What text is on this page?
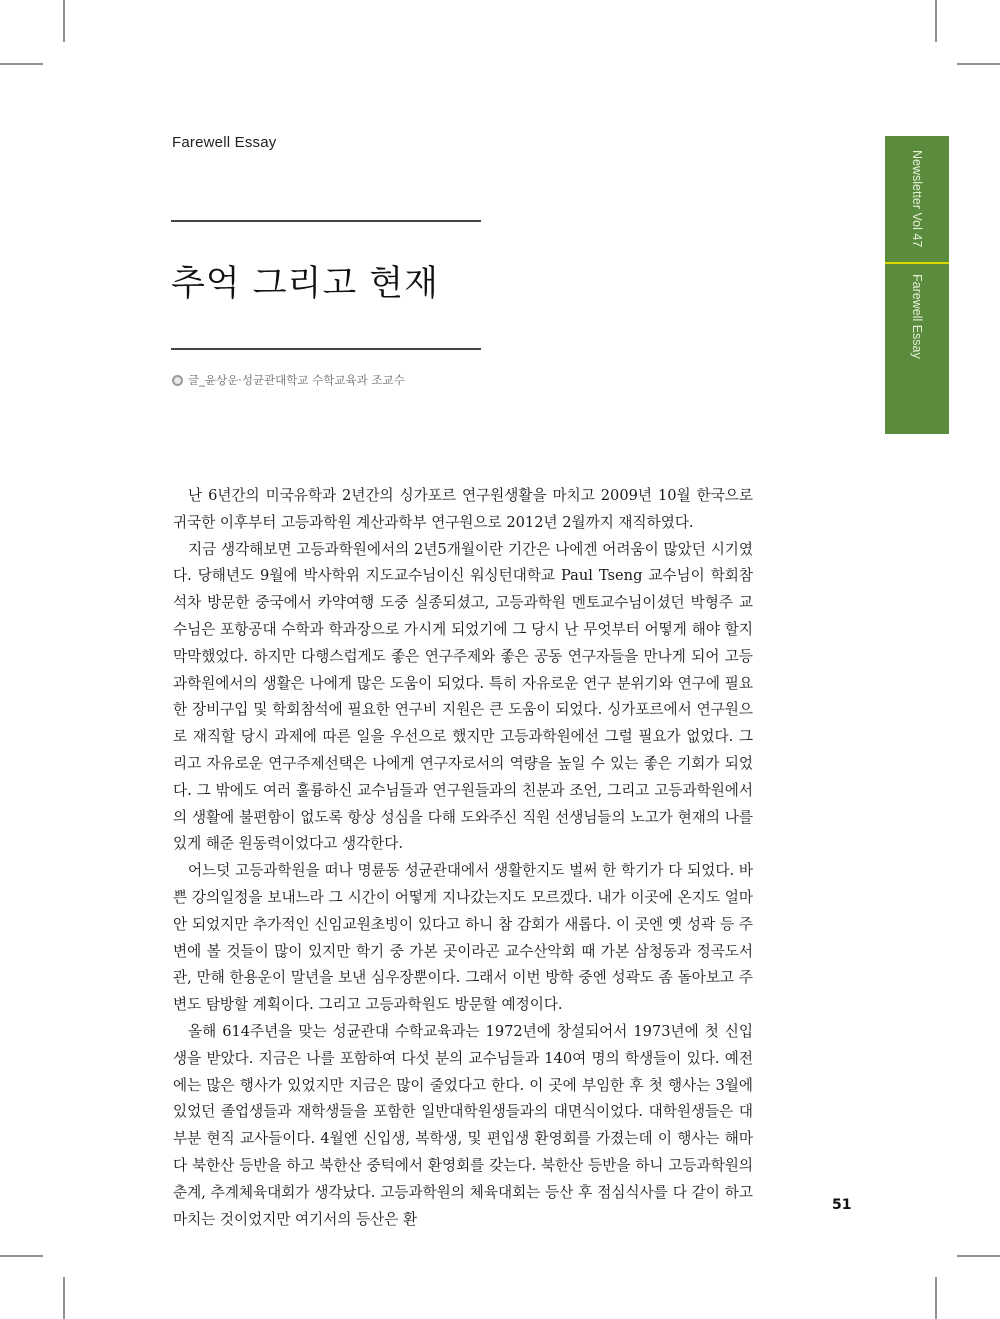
Farewell Essay
추억 그리고 현재
글_윤상운·성균관대학교 수학교육과 조교수
Newsletter Vol 47
Farewell Essay

난 6년간의 미국유학과 2년간의 싱가포르 연구원생활을 마치고 2009년 10월 한국으로 귀국한 이후부터 고등과학원 계산과학부 연구원으로 2012년 2월까지 재직하였다.

지금 생각해보면 고등과학원에서의 2년5개월이란 기간은 나에겐 어려움이 많았던 시기였다. 당해년도 9월에 박사학위 지도교수님이신 워싱턴대학교 Paul Tseng 교수님이 학회참석차 방문한 중국에서 카약여행 도중 실종되셨고, 고등과학원 멘토교수님이셨던 박형주 교수님은 포항공대 수학과 학과장으로 가시게 되었기에 그 당시 난 무엇부터 어떻게 해야 할지 막막했었다. 하지만 다행스럽게도 좋은 연구주제와 좋은 공동 연구자들을 만나게 되어 고등과학원에서의 생활은 나에게 많은 도움이 되었다. 특히 자유로운 연구 분위기와 연구에 필요한 장비구입 및 학회참석에 필요한 연구비 지원은 큰 도움이 되었다. 싱가포르에서 연구원으로 재직할 당시 과제에 따른 일을 우선으로 했지만 고등과학원에선 그럴 필요가 없었다. 그리고 자유로운 연구주제선택은 나에게 연구자로서의 역량을 높일 수 있는 좋은 기회가 되었다. 그 밖에도 여러 훌륭하신 교수님들과 연구원들과의 친분과 조언, 그리고 고등과학원에서의 생활에 불편함이 없도록 항상 성심을 다해 도와주신 직원 선생님들의 노고가 현재의 나를 있게 해준 원동력이었다고 생각한다.

어느덧 고등과학원을 떠나 명륜동 성균관대에서 생활한지도 벌써 한 학기가 다 되었다. 바쁜 강의일정을 보내느라 그 시간이 어떻게 지나갔는지도 모르겠다. 내가 이곳에 온지도 얼마 안 되었지만 추가적인 신임교원초빙이 있다고 하니 참 감회가 새롭다. 이 곳엔 옛 성곽 등 주변에 볼 것들이 많이 있지만 학기 중 가본 곳이라곤 교수산악회 때 가본 삼청동과 정곡도서관, 만해 한용운이 말년을 보낸 심우장뿐이다. 그래서 이번 방학 중엔 성곽도 좀 돌아보고 주변도 탐방할 계획이다. 그리고 고등과학원도 방문할 예정이다.

올해 614주년을 맞는 성균관대 수학교육과는 1972년에 창설되어서 1973년에 첫 신입생을 받았다. 지금은 나를 포함하여 다섯 분의 교수님들과 140여 명의 학생들이 있다. 예전에는 많은 행사가 있었지만 지금은 많이 줄었다고 한다. 이 곳에 부임한 후 첫 행사는 3월에 있었던 졸업생들과 재학생들을 포함한 일반대학원생들과의 대면식이었다. 대학원생들은 대부분 현직 교사들이다. 4월엔 신입생, 복학생, 및 편입생 환영회를 가졌는데 이 행사는 해마다 북한산 등반을 하고 북한산 중턱에서 환영회를 갖는다. 북한산 등반을 하니 고등과학원의 춘계, 추계체육대회가 생각났다. 고등과학원의 체육대회는 등산 후 점심식사를 다 같이 하고 마치는 것이었지만 여기서의 등산은 환

51
